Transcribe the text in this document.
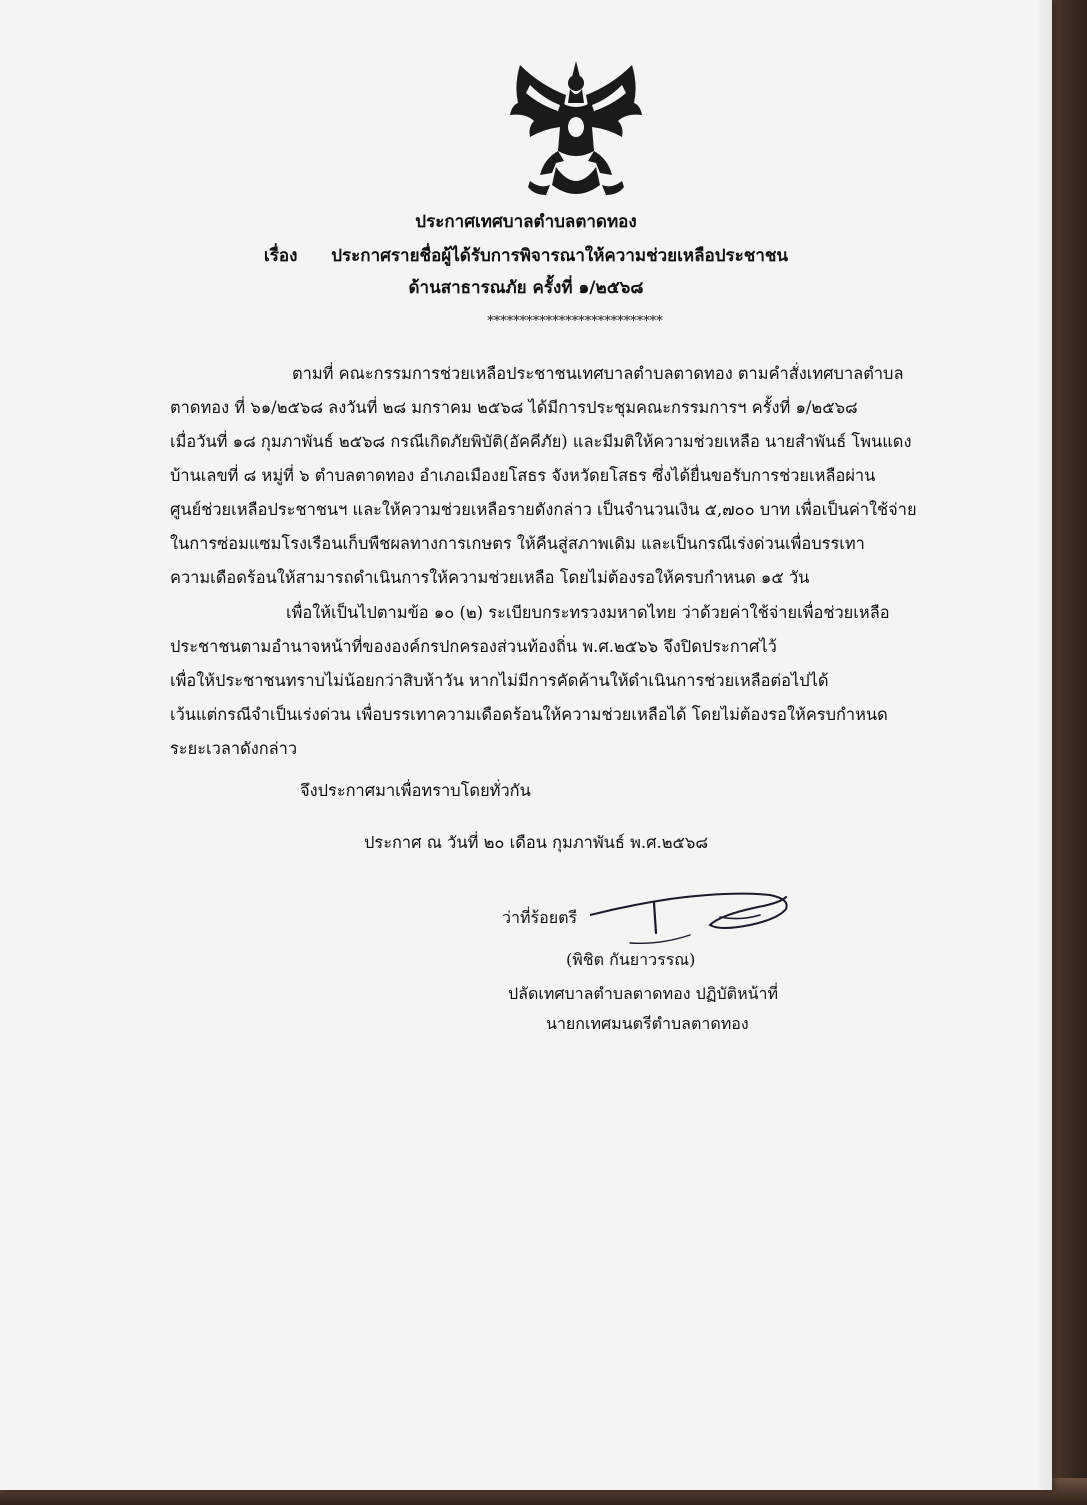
ประกาศเทศบาลตำบลตาดทอง
เรื่อง ประกาศรายชื่อผู้ได้รับการพิจารณาให้ความช่วยเหลือประชาชน
ด้านสาธารณภัย ครั้งที่ ๑/๒๕๖๘
***************************
ตามที่ คณะกรรมการช่วยเหลือประชาชนเทศบาลตำบลตาดทอง ตามคำสั่งเทศบาลตำบล
ตาดทอง ที่ ๖๑/๒๕๖๘ ลงวันที่ ๒๘ มกราคม ๒๕๖๘ ได้มีการประชุมคณะกรรมการฯ ครั้งที่ ๑/๒๕๖๘
เมื่อวันที่ ๑๘ กุมภาพันธ์ ๒๕๖๘ กรณีเกิดภัยพิบัติ(อัคคีภัย) และมีมติให้ความช่วยเหลือ นายสำพันธ์ โพนแดง
บ้านเลขที่ ๘ หมู่ที่ ๖ ตำบลตาดทอง อำเภอเมืองยโสธร จังหวัดยโสธร ซึ่งได้ยื่นขอรับการช่วยเหลือผ่าน
ศูนย์ช่วยเหลือประชาชนฯ และให้ความช่วยเหลือรายดังกล่าว เป็นจำนวนเงิน ๕,๗๐๐ บาท เพื่อเป็นค่าใช้จ่าย
ในการซ่อมแซมโรงเรือนเก็บพืชผลทางการเกษตร ให้คืนสู่สภาพเดิม และเป็นกรณีเร่งด่วนเพื่อบรรเทา
ความเดือดร้อนให้สามารถดำเนินการให้ความช่วยเหลือ โดยไม่ต้องรอให้ครบกำหนด ๑๕ วัน
เพื่อให้เป็นไปตามข้อ ๑๐ (๒) ระเบียบกระทรวงมหาดไทย ว่าด้วยค่าใช้จ่ายเพื่อช่วยเหลือ
ประชาชนตามอำนาจหน้าที่ขององค์กรปกครองส่วนท้องถิ่น พ.ศ.๒๕๖๖ จึงปิดประกาศไว้
เพื่อให้ประชาชนทราบไม่น้อยกว่าสิบห้าวัน หากไม่มีการคัดค้านให้ดำเนินการช่วยเหลือต่อไปได้
เว้นแต่กรณีจำเป็นเร่งด่วน เพื่อบรรเทาความเดือดร้อนให้ความช่วยเหลือได้ โดยไม่ต้องรอให้ครบกำหนด
ระยะเวลาดังกล่าว
จึงประกาศมาเพื่อทราบโดยทั่วกัน
ประกาศ ณ วันที่ ๒๐ เดือน กุมภาพันธ์ พ.ศ.๒๕๖๘
ว่าที่ร้อยตรี
(พิชิต กันยาวรรณ)
ปลัดเทศบาลตำบลตาดทอง ปฏิบัติหน้าที่
นายกเทศมนตรีตำบลตาดทอง
